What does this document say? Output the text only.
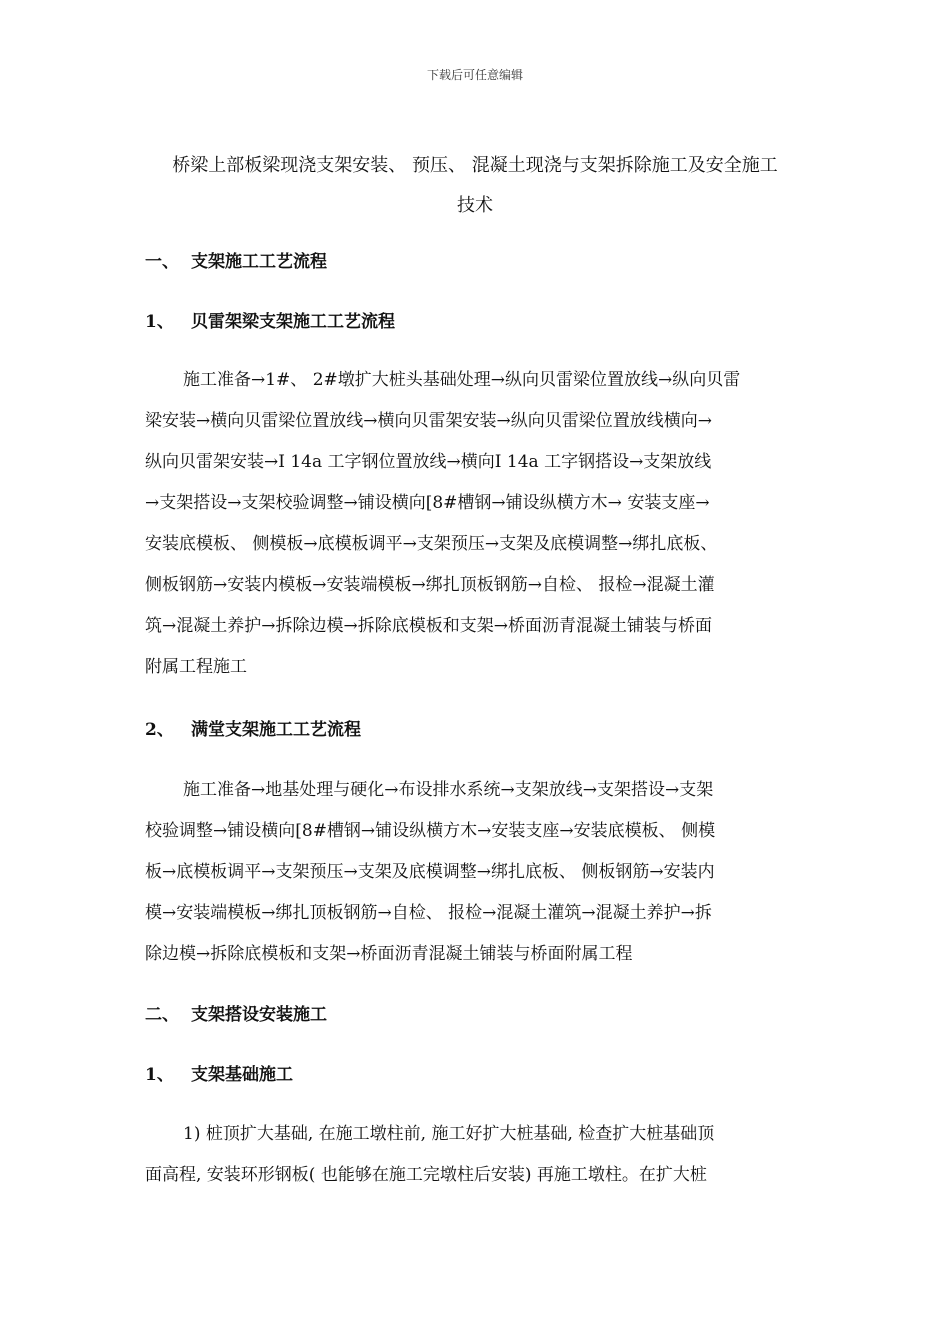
下载后可任意编辑
桥梁上部板梁现浇支架安装、 预压、 混凝土现浇与支架拆除施工及安全施工
技术
一、 支架施工工艺流程
1、 贝雷架梁支架施工工艺流程
施工准备→1#、 2#墩扩大桩头基础处理→纵向贝雷梁位置放线→纵向贝雷
梁安装→横向贝雷梁位置放线→横向贝雷架安装→纵向贝雷梁位置放线横向→
纵向贝雷架安装→Ⅰ 14a 工字钢位置放线→横向Ⅰ 14a 工字钢搭设→支架放线
→支架搭设→支架校验调整→铺设横向[8#槽钢→铺设纵横方木→ 安装支座→
安装底模板、 侧模板→底模板调平→支架预压→支架及底模调整→绑扎底板、
侧板钢筋→安装内模板→安装端模板→绑扎顶板钢筋→自检、 报检→混凝土灌
筑→混凝土养护→拆除边模→拆除底模板和支架→桥面沥青混凝土铺装与桥面
附属工程施工
2、 满堂支架施工工艺流程
施工准备→地基处理与硬化→布设排水系统→支架放线→支架搭设→支架
校验调整→铺设横向[8#槽钢→铺设纵横方木→安装支座→安装底模板、 侧模
板→底模板调平→支架预压→支架及底模调整→绑扎底板、 侧板钢筋→安装内
模→安装端模板→绑扎顶板钢筋→自检、 报检→混凝土灌筑→混凝土养护→拆
除边模→拆除底模板和支架→桥面沥青混凝土铺装与桥面附属工程
二、 支架搭设安装施工
1、 支架基础施工
1) 桩顶扩大基础, 在施工墩柱前, 施工好扩大桩基础, 检查扩大桩基础顶
面高程, 安装环形钢板( 也能够在施工完墩柱后安装) 再施工墩柱。在扩大桩
